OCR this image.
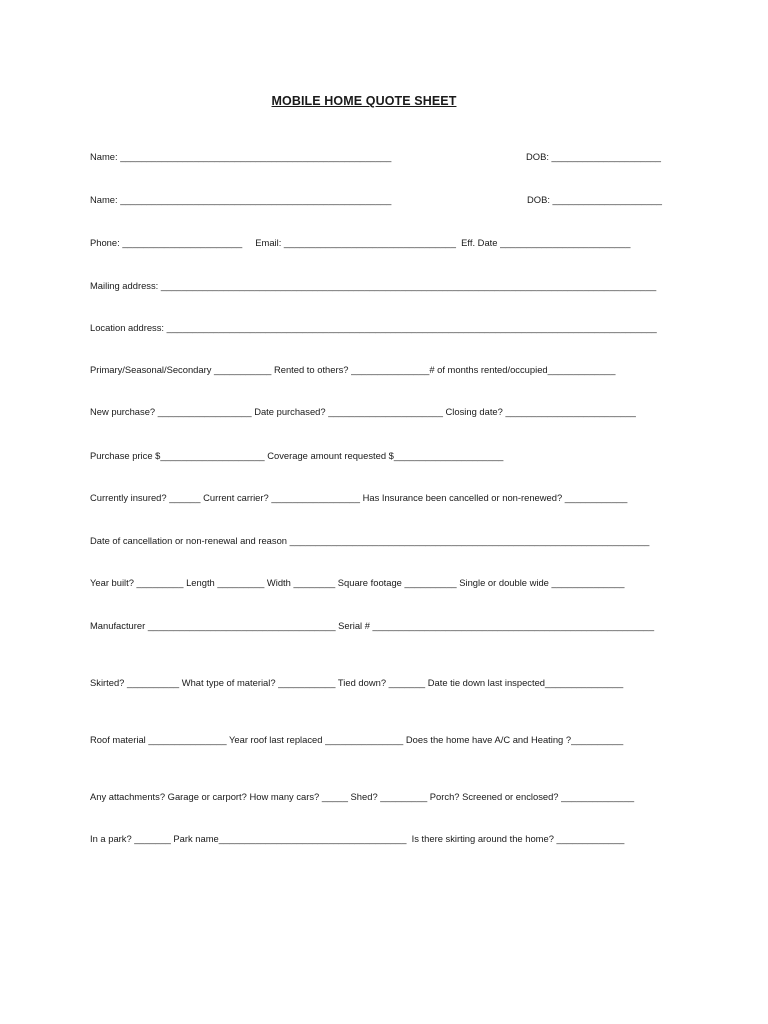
MOBILE HOME QUOTE SHEET
Name: ____________________________________________________	DOB: _____________________
Name: ____________________________________________________	DOB: _____________________
Phone: _______________________     Email: _________________________________  Eff. Date _________________________
Mailing address: _______________________________________________________________________________________________
Location address: ______________________________________________________________________________________________
Primary/Seasonal/Secondary ___________ Rented to others? _______________# of months rented/occupied_____________
New purchase? __________________ Date purchased? ______________________ Closing date? _________________________
Purchase price $____________________ Coverage amount requested $_____________________
Currently insured? ______ Current carrier? _________________ Has Insurance been cancelled or non-renewed? ____________
Date of cancellation or non-renewal and reason _____________________________________________________________________
Year built? _________ Length _________ Width ________ Square footage __________ Single or double wide ______________
Manufacturer ____________________________________ Serial # ______________________________________________________
Skirted? __________ What type of material? ___________ Tied down? _______ Date tie down last inspected_______________
Roof material _______________ Year roof last replaced _______________ Does the home have A/C and Heating ?__________
Any attachments? Garage or carport? How many cars? _____ Shed? _________ Porch? Screened or enclosed? ______________
In a park? _______ Park name____________________________________  Is there skirting around the home? _____________
